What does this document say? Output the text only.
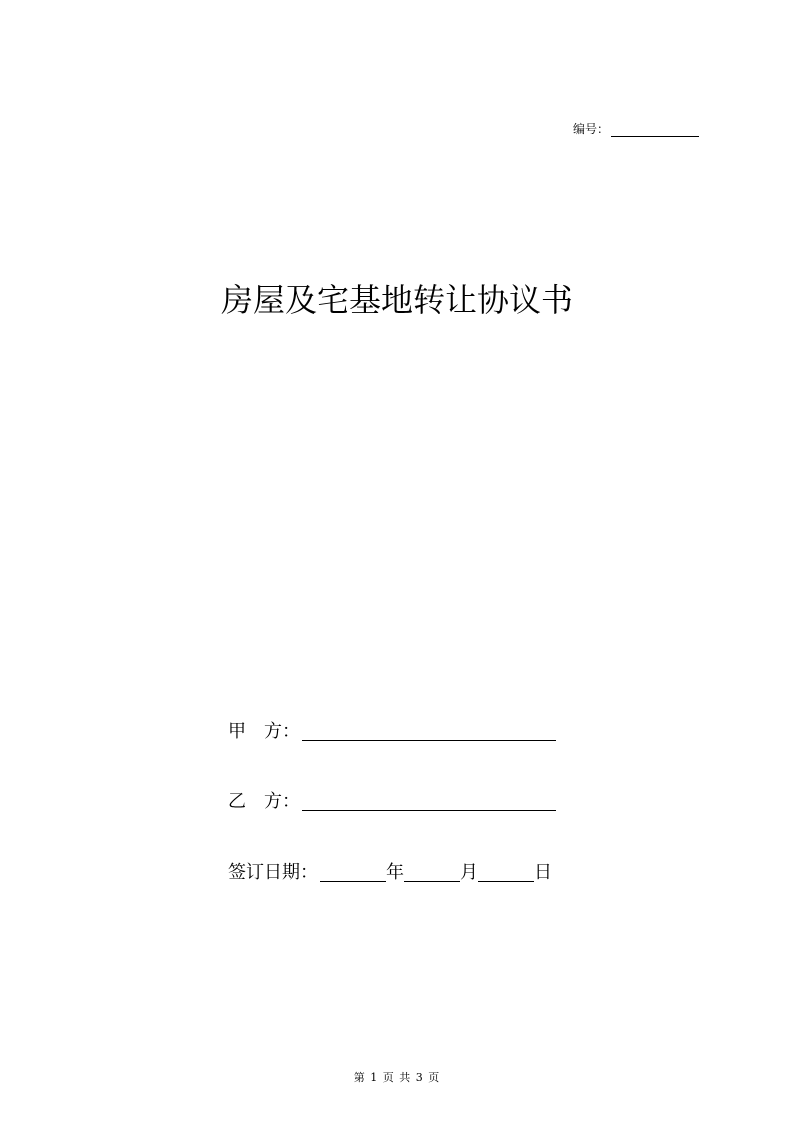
编号：
房屋及宅基地转让协议书
甲　方：
乙　方：
签订日期：	年	月	日
第 1 页 共 3 页
